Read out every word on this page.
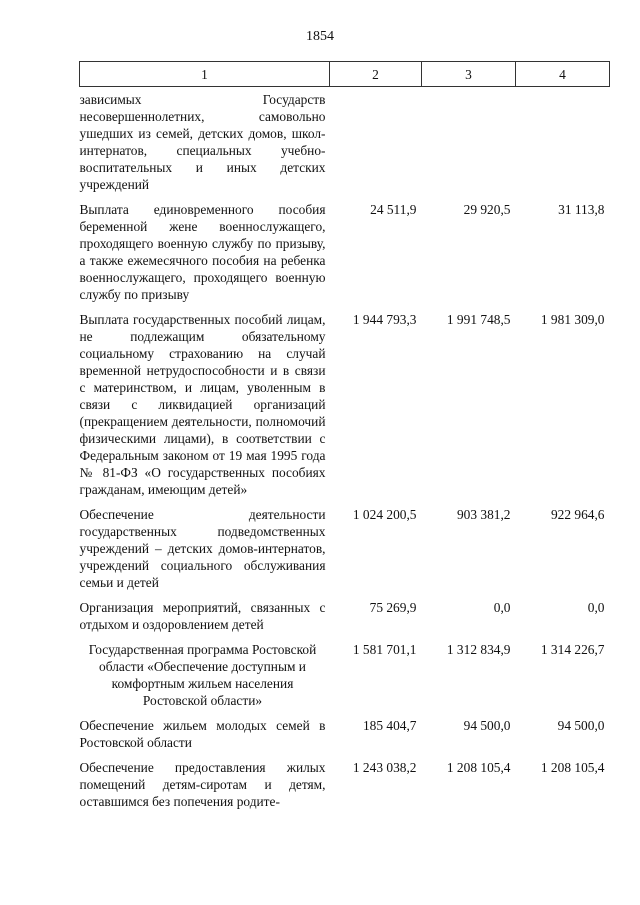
1854
1	2	3	4
зависимых Государств несовершеннолетних, самовольно ушедших из семей, детских домов, школ-интернатов, специальных учебно-воспитательных и иных детских учреждений			
Выплата единовременного пособия беременной жене военнослужащего, проходящего военную службу по призыву, а также ежемесячного пособия на ребенка военнослужащего, проходящего военную службу по призыву	24 511,9	29 920,5	31 113,8
Выплата государственных пособий лицам, не подлежащим обязательному социальному страхованию на случай временной нетрудоспособности и в связи с материнством, и лицам, уволенным в связи с ликвидацией организаций (прекращением деятельности, полномочий физическими лицами), в соответствии с Федеральным законом от 19 мая 1995 года № 81-ФЗ «О государственных пособиях гражданам, имеющим детей»	1 944 793,3	1 991 748,5	1 981 309,0
Обеспечение деятельности государственных подведомственных учреждений – детских домов-интернатов, учреждений социального обслуживания семьи и детей	1 024 200,5	903 381,2	922 964,6
Организация мероприятий, связанных с отдыхом и оздоровлением детей	75 269,9	0,0	0,0
Государственная программа Ростовской области «Обеспечение доступным и комфортным жильем населения Ростовской области»	1 581 701,1	1 312 834,9	1 314 226,7
Обеспечение жильем молодых семей в Ростовской области	185 404,7	94 500,0	94 500,0
Обеспечение предоставления жилых помещений детям-сиротам и детям, оставшимся без попечения родите-	1 243 038,2	1 208 105,4	1 208 105,4
